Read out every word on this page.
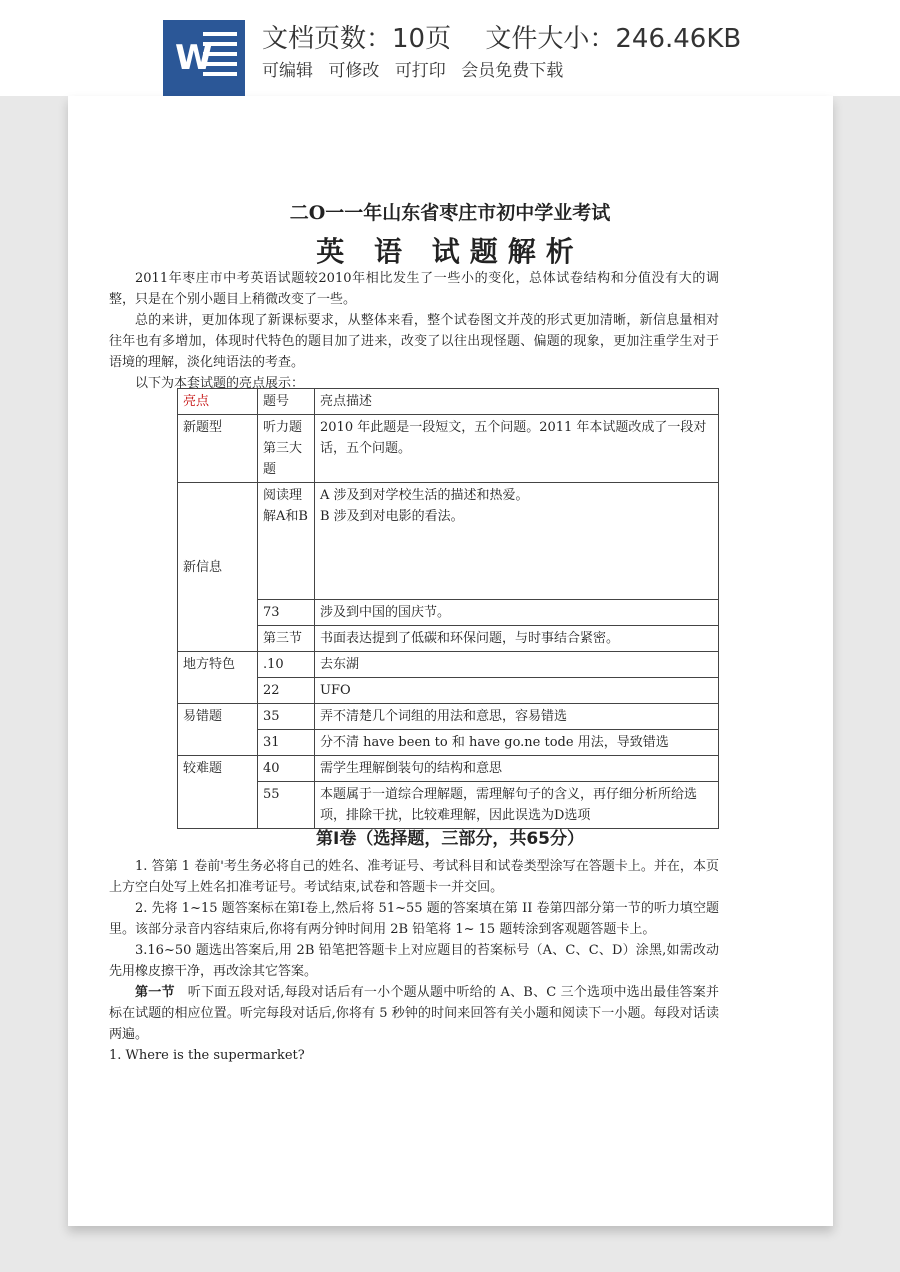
W 文档页数：10页 文件大小：246.46KB
可编辑 可修改 可打印 会员免费下载
二O一一年山东省枣庄市初中学业考试
英 语 试题解析

2011年枣庄市中考英语试题较2010年相比发生了一些小的变化，总体试卷结构和分值没有大的调整，只是在个别小题目上稍微改变了一些。

总的来讲，更加体现了新课标要求，从整体来看，整个试卷图文并茂的形式更加清晰，新信息量相对往年也有多增加，体现时代特色的题目加了进来，改变了以往出现怪题、偏题的现象，更加注重学生对于语境的理解，淡化纯语法的考查。

以下为本套试题的亮点展示：

亮点	题号	亮点描述
新题型	听力题第三大题	2010 年此题是一段短文，五个问题。2011 年本试题改成了一段对话，五个问题。
新信息	阅读理解A和B	A 涉及到对学校生活的描述和热爱。
B 涉及到对电影的看法。

	73	涉及到中国的国庆节。
	第三节	书面表达提到了低碳和环保问题，与时事结合紧密。
地方特色	.10	去东湖
	22	UFO
易错题	35	弄不清楚几个词组的用法和意思，容易错选
	31	分不清 have been to 和 have go.ne tode 用法，导致错选
较难题	40	需学生理解倒装句的结构和意思
	55	本题属于一道综合理解题，需理解句子的含义，再仔细分析所给选项，排除干扰，比较难理解，因此误选为D选项
第Ⅰ卷（选择题，三部分，共65分）

1. 答第 1 卷前'考生务必将自己的姓名、准考证号、考试科目和试卷类型涂写在答题卡上。并在，本页上方空白处写上姓名扣准考证号。考试结束,试卷和答题卡一并交回。

2. 先将 1~15 题答案标在第Ⅰ卷上,然后将 51~55 题的答案填在第 II 卷第四部分第一节的听力填空题里。该部分录音内容结束后,你将有两分钟时间用 2B 铅笔将 1~ 15 题转涂到客观题答题卡上。

3.16~50 题选出答案后,用 2B 铅笔把答题卡上对应题目的苔案标号（A、C、C、D）涂黑,如需改动先用橡皮擦干净，再改涂其它答案。

第一节 听下面五段对话,每段对话后有一小个题从题中听给的 A、B、C 三个选项中选出最佳答案并标在试题的相应位置。听完每段对话后,你将有 5 秒钟的时间来回答有关小题和阅读下一小题。每段对话读两遍。

1. Where is the supermarket?
